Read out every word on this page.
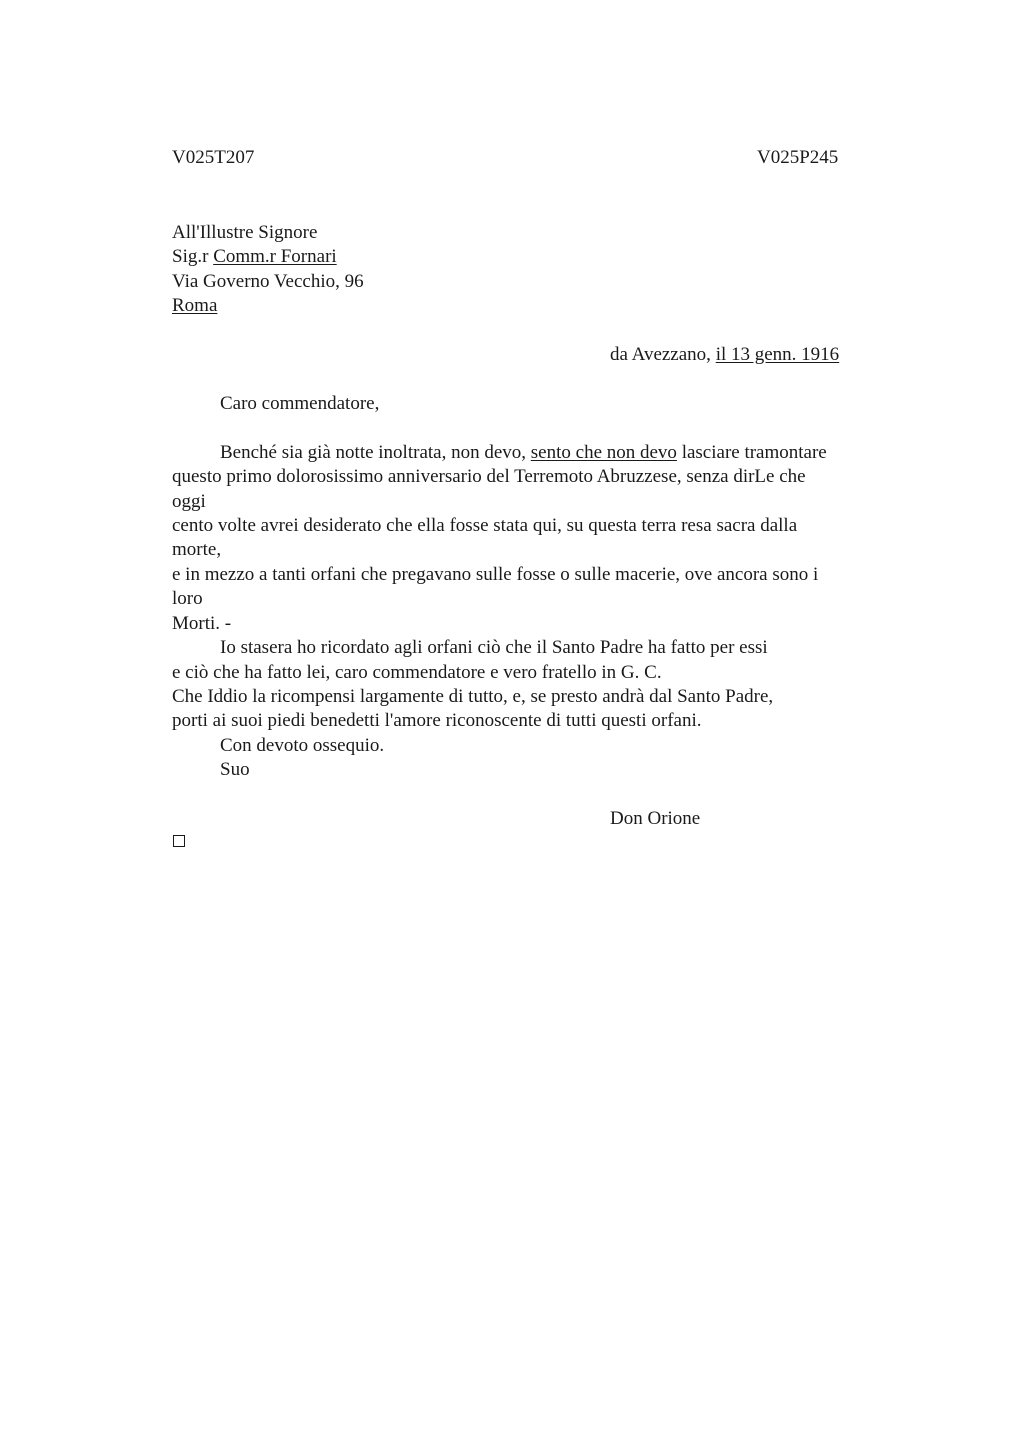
V025T207	V025P245
All'Illustre Signore
Sig.r Comm.r Fornari
Via Governo Vecchio, 96
Roma
da Avezzano, il 13 genn. 1916
Caro commendatore,
Benché sia già notte inoltrata, non devo, sento che non devo lasciare tramontare
questo primo dolorosissimo anniversario del Terremoto Abruzzese, senza dirLe che
oggi
cento volte avrei desiderato che ella fosse stata qui, su questa terra resa sacra dalla
morte,
e in mezzo a tanti orfani che pregavano sulle fosse o sulle macerie, ove ancora sono i
loro
Morti. -
Io stasera ho ricordato agli orfani ciò che il Santo Padre ha fatto per essi
e ciò che ha fatto lei, caro commendatore e vero fratello in G. C.
Che Iddio la ricompensi largamente di tutto, e, se presto andrà dal Santo Padre,
porti ai suoi piedi benedetti l'amore riconoscente di tutti questi orfani.
Con devoto ossequio.
Suo
Don Orione
